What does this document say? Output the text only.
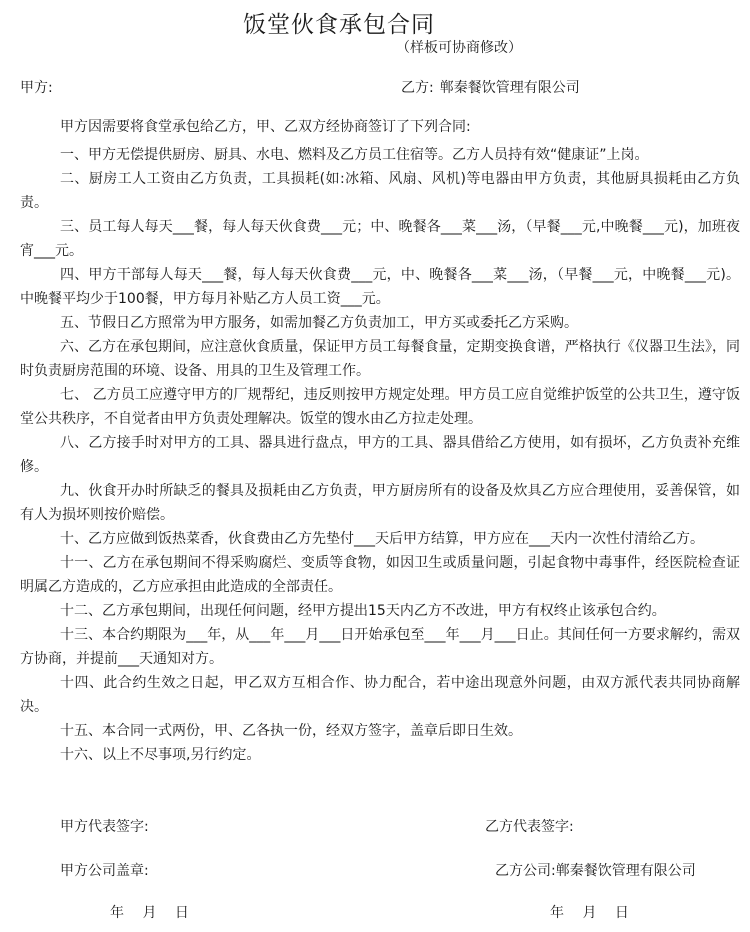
饭堂伙食承包合同
（样板可协商修改）
甲方:	乙方: 郸秦餐饮管理有限公司

甲方因需要将食堂承包给乙方，甲、乙双方经协商签订了下列合同:

一、甲方无偿提供厨房、厨具、水电、燃料及乙方员工住宿等。乙方人员持有效“健康证”上岗。

二、厨房工人工资由乙方负责，工具损耗(如:冰箱、风扇、风机)等电器由甲方负责，其他厨具损耗由乙方负责。

三、员工每人每天___餐，每人每天伙食费___元；中、晚餐各___菜___汤，（早餐___元,中晚餐___元)，加班夜宵___元。

四、甲方干部每人每天___餐，每人每天伙食费___元，中、晚餐各___菜___汤，（早餐___元，中晚餐___元)。中晚餐平均少于100餐，甲方每月补贴乙方人员工资___元。

五、节假日乙方照常为甲方服务，如需加餐乙方负责加工，甲方买或委托乙方采购。

六、乙方在承包期间，应注意伙食质量，保证甲方员工每餐食量，定期变换食谱，严格执行《仪器卫生法》，同时负责厨房范围的环境、设备、用具的卫生及管理工作。

七、 乙方员工应遵守甲方的厂规帮纪，违反则按甲方规定处理。甲方员工应自觉维护饭堂的公共卫生，遵守饭堂公共秩序，不自觉者由甲方负责处理解决。饭堂的馊水由乙方拉走处理。

八、乙方接手时对甲方的工具、器具进行盘点，甲方的工具、器具借给乙方使用，如有损坏，乙方负责补充维修。

九、伙食开办时所缺乏的餐具及损耗由乙方负责，甲方厨房所有的设备及炊具乙方应合理使用，妥善保管，如有人为损坏则按价赔偿。

十、乙方应做到饭热菜香，伙食费由乙方先垫付___天后甲方结算，甲方应在___天内一次性付清给乙方。

十一、乙方在承包期间不得采购腐烂、变质等食物，如因卫生或质量问题，引起食物中毒事件，经医院检查证明属乙方造成的，乙方应承担由此造成的全部责任。

十二、乙方承包期间，出现任何问题，经甲方提出15天内乙方不改进，甲方有权终止该承包合约。

十三、本合约期限为___年，从___年___月___日开始承包至___年___月___日止。其间任何一方要求解约，需双方协商，并提前___天通知对方。

十四、此合约生效之日起，甲乙双方互相合作、协力配合，若中途出现意外问题，由双方派代表共同协商解决。

十五、本合同一式两份，甲、乙各执一份，经双方签字，盖章后即日生效。

十六、以上不尽事项,另行约定。

甲方代表签字:	乙方代表签字:
甲方公司盖章:	乙方公司:郸秦餐饮管理有限公司
年　 月　 日	年　 月　 日
